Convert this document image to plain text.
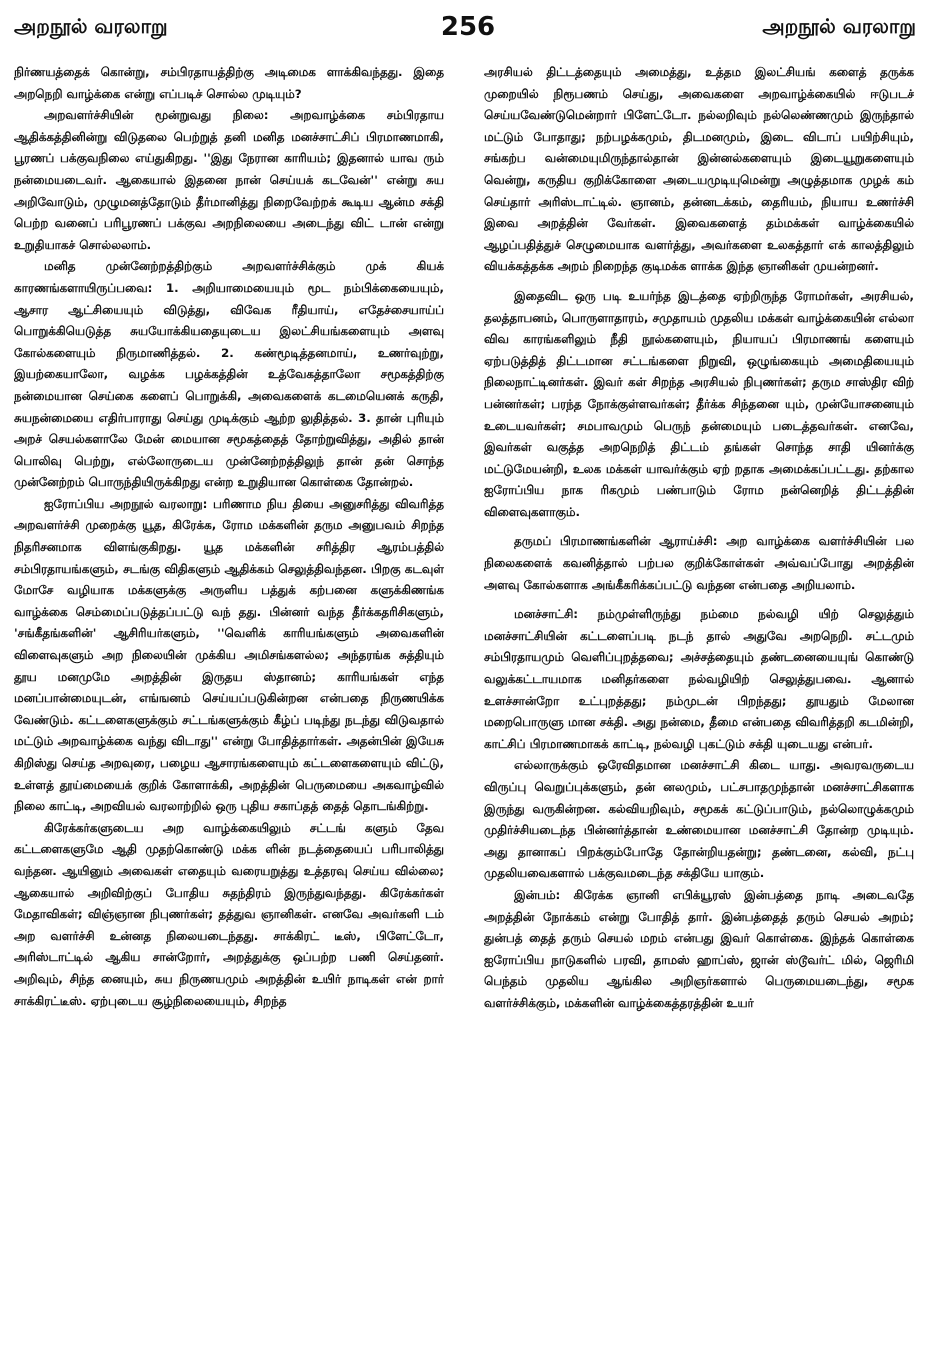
அறநூல் வரலாறு	256	அறநூல் வரலாறு

நிர்ணயத்தைக் கொன்று, சம்பிரதாயத்திற்கு அடிமைக ளாக்கிவந்தது. இதை அறநெறி வாழ்க்கை என்று எப்படிச் சொல்ல முடியும்?

அறவளர்ச்சியின் மூன்றுவது நிலை: அறவாழ்க்கை சம்பிரதாய ஆதிக்கத்தினின்று விடுதலை பெற்றுத் தனி மனித மனச்சாட்சிப் பிரமாணமாகி, பூரணப் பக்குவநிலை எய்துகிறது. ''இது நேரான காரியம்; இதனால் யாவ ரும் நன்மையடைவர். ஆகையால் இதனை நான் செய்யக் கடவேன்'' என்று சுய அறிவோடும், முழுமனத்தோடும் தீர்மானித்து நிறைவேற்றக் கூடிய ஆன்ம சக்தி பெற்ற வனைப் பரிபூரணப் பக்குவ அறநிலையை அடைந்து விட் டான் என்று உறுதியாகச் சொல்லலாம்.

மனித முன்னேற்றத்திற்கும் அறவளர்ச்சிக்கும் முக் கியக் காரணங்களாயிருப்பவை: 1. அறியாமையையும் மூட நம்பிக்கையையும், ஆசார ஆட்சியையும் விடுத்து, விவேக ரீதியாய், எதேச்சையாய்ப் பொறுக்கியெடுத்த சுயயோக்கியதையுடைய இலட்சியங்களையும் அளவு கோல்களையும் நிருமாணித்தல். 2. கண்மூடித்தனமாய், உணர்வுற்று, இயற்கையாலோ, வழக்க பழக்கத்தின் உத்வேகத்தாலோ சமூகத்திற்கு நன்மையான செய்கை களைப் பொறுக்கி, அவைகளைக் கடமையெனக் கருதி, சுயநன்மையை எதிர்பாராது செய்து முடிக்கும் ஆற்ற லுதித்தல். 3. தான் புரியும் அறச் செயல்களாலே மேன் மையான சமூகத்தைத் தோற்றுவித்து, அதில் தான் பொலிவு பெற்று, எல்லோருடைய முன்னேற்றத்திலுந் தான் தன் சொந்த முன்னேற்றம் பொருந்தியிருக்கிறது என்ற உறுதியான கொள்கை தோன்றல்.

ஐரோப்பிய அறநூல் வரலாறு: பரிணாம நிய தியை அனுசரித்து விவரித்த அறவளர்ச்சி முறைக்கு யூத, கிரேக்க, ரோம மக்களின் தரும அனுபவம் சிறந்த நிதரிசனமாக விளங்குகிறது. யூத மக்களின் சரித்திர ஆரம்பத்தில் சம்பிரதாயங்களும், சடங்கு விதிகளும் ஆதிக்கம் செலுத்திவந்தன. பிறகு கடவுள் மோசே வழியாக மக்களுக்கு அருளிய பத்துக் கற்பனை களுக்கிணங்க வாழ்க்கை செம்மைப்படுத்தப்பட்டு வந் தது. பின்னர் வந்த தீர்க்கதரிசிகளும், 'சங்கீதங்களின்' ஆசிரியர்களும், ''வெளிக் காரியங்களும் அவைகளின் விளைவுகளும் அற நிலையின் முக்கிய அமிசங்களல்ல; அந்தரங்க சுத்தியும் தூய மனமுமே அறத்தின் இருதய ஸ்தானம்; காரியங்கள் எந்த மனப்பான்மையுடன், எங்ஙனம் செய்யப்படுகின்றன என்பதை நிருணயிக்க வேண்டும். கட்டளைகளுக்கும் சட்டங்களுக்கும் கீழ்ப் படிந்து நடந்து விடுவதால் மட்டும் அறவாழ்க்கை வந்து விடாது'' என்று போதித்தார்கள். அதன்பின் இயேசு கிறிஸ்து செய்த அறவுரை, பழைய ஆசாரங்களையும் கட்டளைகளையும் விட்டு, உள்ளத் தூய்மையைக் குறிக் கோளாக்கி, அறத்தின் பெருமையை அகவாழ்வில் நிலை காட்டி, அறவியல் வரலாற்றில் ஒரு புதிய சகாப்தத் தைத் தொடங்கிற்று.

கிரேக்கர்களுடைய அற வாழ்க்கையிலும் சட்டங் களும் தேவ கட்டளைகளுமே ஆதி முதற்கொண்டு மக்க ளின் நடத்தையைப் பரிபாலித்து வந்தன. ஆயினும் அவைகள் எதையும் வரையறுத்து உத்தரவு செய்ய வில்லை; ஆகையால் அறிவிற்குப் போதிய சுதந்திரம் இருந்துவந்தது. கிரேக்கர்கள் மேதாவிகள்; விஞ்ஞான நிபுணர்கள்; தத்துவ ஞானிகள். எனவே அவர்களி டம் அற வளர்ச்சி உன்னத நிலையடைந்தது. சாக்கிரட் டீஸ், பிளேட்டோ, அரிஸ்டாட்டில் ஆகிய சான்றோர், அறத்துக்கு ஒப்பற்ற பணி செய்தனர். அறிவும், சிந்த னையும், சுய நிருணயமும் அறத்தின் உயிர் நாடிகள் என் றார் சாக்கிரட்டீஸ். ஏற்புடைய சூழ்நிலையையும், சிறந்த

அரசியல் திட்டத்தையும் அமைத்து, உத்தம இலட்சியங் களைத் தருக்க முறையில் நிரூபணம் செய்து, அவைகளை அறவாழ்க்கையில் ஈடுபடச் செய்யவேண்டுமென்றார் பிளேட்டோ. நல்லறிவும் நல்லெண்ணமும் இருந்தால் மட்டும் போதாது; நற்பழக்கமும், திடமனமும், இடை விடாப் பயிற்சியும், சங்கற்ப வன்மையுமிருந்தால்தான் இன்னல்களையும் இடையூறுகளையும் வென்று, கருதிய குறிக்கோளை அடையமுடியுமென்று அழுத்தமாக முழக் கம் செய்தார் அரிஸ்டாட்டில். ஞானம், தன்னடக்கம், தைரியம், நியாய உணர்ச்சி இவை அறத்தின் வேர்கள். இவைகளைத் தம்மக்கள் வாழ்க்கையில் ஆழப்பதித்துச் செழுமையாக வளர்த்து, அவர்களை உலகத்தார் எக் காலத்திலும் வியக்கத்தக்க அறம் நிறைந்த குடிமக்க ளாக்க இந்த ஞானிகள் முயன்றனர்.

இதைவிட ஒரு படி உயர்ந்த இடத்தை ஏற்றிருந்த ரோமர்கள், அரசியல், தலத்தாபனம், பொருளாதாரம், சமுதாயம் முதலிய மக்கள் வாழ்க்கையின் எல்லா விவ காரங்களிலும் நீதி நூல்களையும், நியாயப் பிரமாணங் களையும் ஏற்படுத்தித் திட்டமான சட்டங்களை நிறுவி, ஒழுங்கையும் அமைதியையும் நிலைநாட்டினர்கள். இவர் கள் சிறந்த அரசியல் நிபுணர்கள்; தரும சாஸ்திர விற் பன்னர்கள்; பரந்த நோக்குள்ளவர்கள்; தீர்க்க சிந்தனை யும், முன்யோசனையும் உடையவர்கள்; சமபாவமும் பெருந் தன்மையும் படைத்தவர்கள். எனவே, இவர்கள் வகுத்த அறநெறித் திட்டம் தங்கள் சொந்த சாதி யினர்க்கு மட்டுமேயன்றி, உலக மக்கள் யாவர்க்கும் ஏற் றதாக அமைக்கப்பட்டது. தற்கால ஐரோப்பிய நாக ரிகமும் பண்பாடும் ரோம நன்னெறித் திட்டத்தின் விளைவுகளாகும்.

தருமப் பிரமாணங்களின் ஆராய்ச்சி: அற வாழ்க்கை வளர்ச்சியின் பல நிலைகளைக் கவனித்தால் பற்பல குறிக்கோள்கள் அவ்வப்போது அறத்தின் அளவு கோல்களாக அங்கீகரிக்கப்பட்டு வந்தன என்பதை அறியலாம்.

மனச்சாட்சி: நம்முள்ளிருந்து நம்மை நல்வழி யிற் செலுத்தும் மனச்சாட்சியின் கட்டளைப்படி நடந் தால் அதுவே அறநெறி. சட்டமும் சம்பிரதாயமும் வெளிப்புறத்தவை; அச்சத்தையும் தண்டனையையுங் கொண்டு வலுக்கட்டாயமாக மனிதர்களை நல்வழியிற் செலுத்துபவை. ஆனால் உளச்சான்றோ உட்புறத்தது; நம்முடன் பிறந்தது; தூயதும் மேலான மறைபொருளு மான சக்தி. அது நன்மை, தீமை என்பதை விவரித்தறி கடமின்றி, காட்சிப் பிரமாணமாகக் காட்டி, நல்வழி புகட்டும் சக்தி யுடையது என்பர்.

எல்லாருக்கும் ஒரேவிதமான மனச்சாட்சி கிடை யாது. அவரவருடைய விருப்பு வெறுப்புக்களும், தன் னலமும், பட்சபாதமுந்தான் மனச்சாட்சிகளாக இருந்து வருகின்றன. கல்வியறிவும், சமூகக் கட்டுப்பாடும், நல்லொழுக்கமும் முதிர்ச்சியடைந்த பின்னர்த்தான் உண்மையான மனச்சாட்சி தோன்ற முடியும். அது தானாகப் பிறக்கும்போதே தோன்றியதன்று; தண்டனை, கல்வி, நட்பு முதலியவைகளால் பக்குவமடைந்த சக்தியே யாகும்.

இன்பம்: கிரேக்க ஞானி எபிக்யூரஸ் இன்பத்தை நாடி அடைவதே அறத்தின் நோக்கம் என்று போதித் தார். இன்பத்தைத் தரும் செயல் அறம்; துன்பத் தைத் தரும் செயல் மறம் என்பது இவர் கொள்கை. இந்தக் கொள்கை ஐரோப்பிய நாடுகளில் பரவி, தாமஸ் ஹாப்ஸ், ஜான் ஸ்டூவர்ட் மில், ஜெரிமி பெந்தம் முதலிய ஆங்கில அறிஞர்களால் பெருமையடைந்து, சமூக வளர்ச்சிக்கும், மக்களின் வாழ்க்கைத்தரத்தின் உயர்
